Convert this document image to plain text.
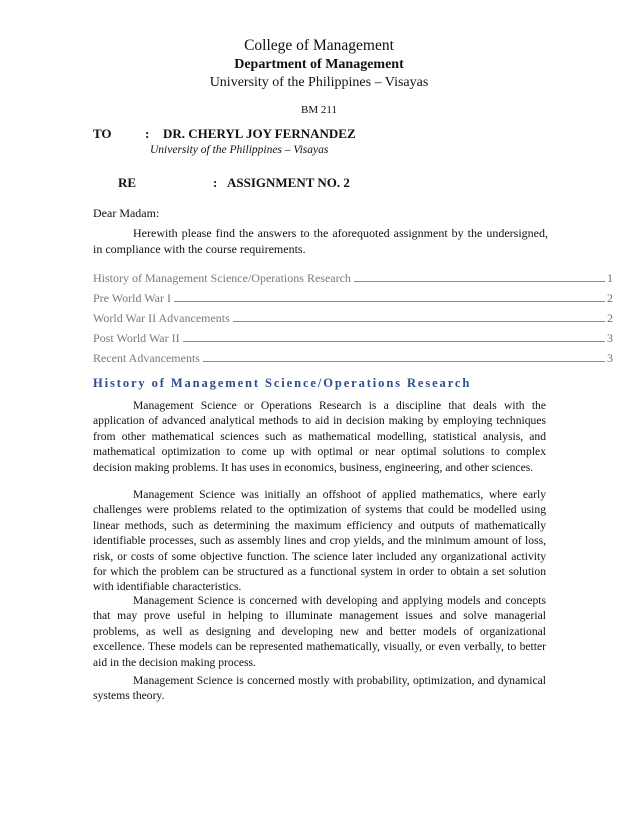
College of Management
Department of Management
University of the Philippines – Visayas
BM 211
TO	: DR. CHERYL JOY FERNANDEZ
University of the Philippines – Visayas
RE	: ASSIGNMENT NO. 2
Dear Madam:
Herewith please find the answers to the aforequoted assignment by the undersigned, in compliance with the course requirements.
History of Management Science/Operations Research	1
Pre World War I	2
World War II Advancements	2
Post World War II	3
Recent Advancements	3
History of Management Science/Operations Research
Management Science or Operations Research is a discipline that deals with the application of advanced analytical methods to aid in decision making by employing techniques from other mathematical sciences such as mathematical modelling, statistical analysis, and mathematical optimization to come up with optimal or near optimal solutions to complex decision making problems. It has uses in economics, business, engineering, and other sciences.
Management Science was initially an offshoot of applied mathematics, where early challenges were problems related to the optimization of systems that could be modelled using linear methods, such as determining the maximum efficiency and outputs of mathematically identifiable processes, such as assembly lines and crop yields, and the minimum amount of loss, risk, or costs of some objective function. The science later included any organizational activity for which the problem can be structured as a functional system in order to obtain a set solution with identifiable characteristics.
Management Science is concerned with developing and applying models and concepts that may prove useful in helping to illuminate management issues and solve managerial problems, as well as designing and developing new and better models of organizational excellence. These models can be represented mathematically, visually, or even verbally, to better aid in the decision making process.
Management Science is concerned mostly with probability, optimization, and dynamical systems theory.
